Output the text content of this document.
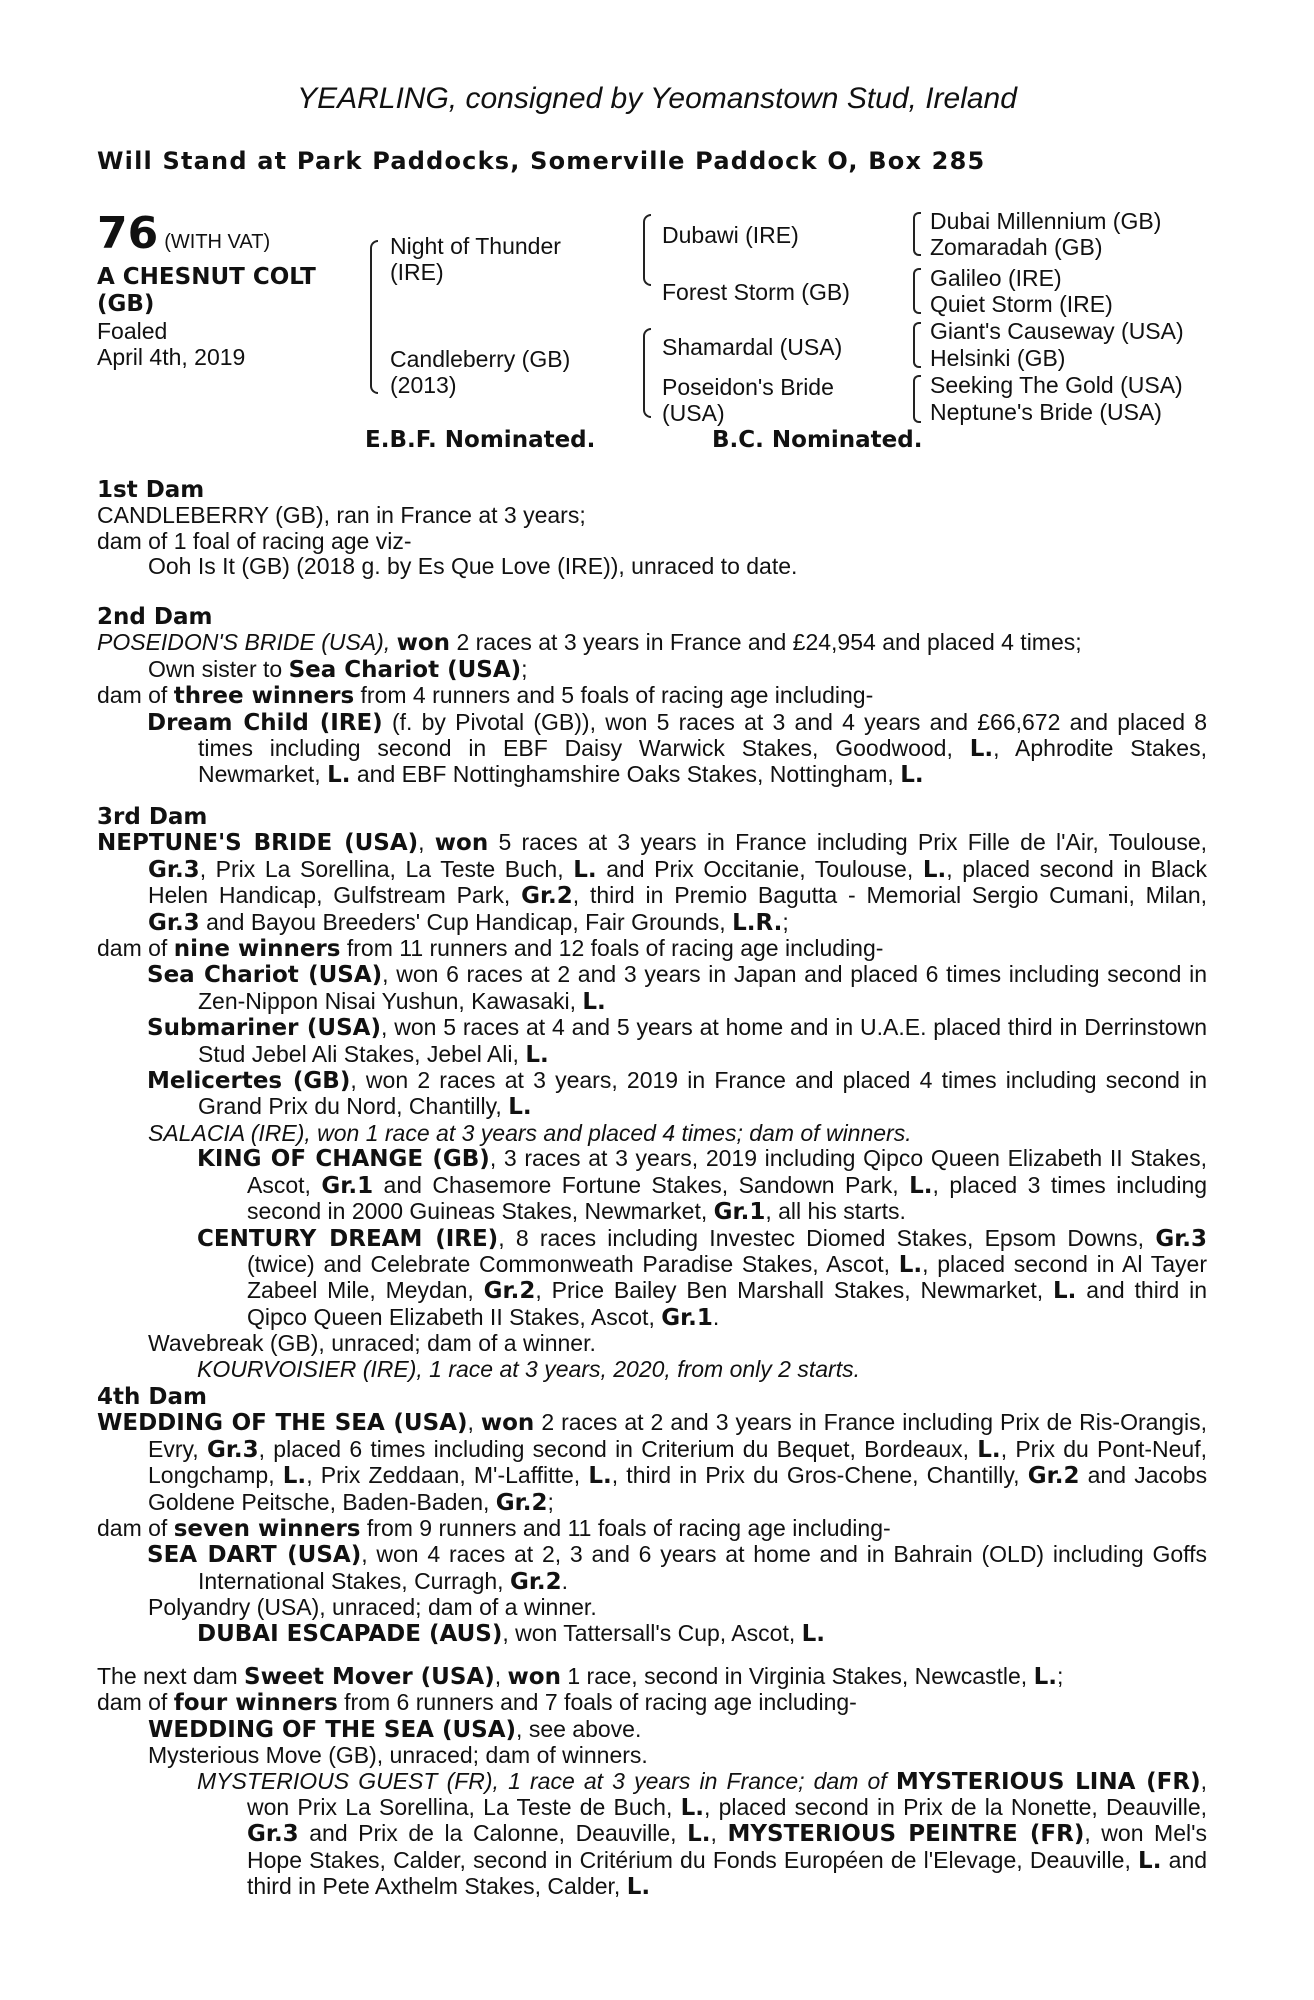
YEARLING, consigned by Yeomanstown Stud, Ireland
Will Stand at Park Paddocks, Somerville Paddock O, Box 285
76 (WITH VAT)
A CHESNUT COLT (GB)
Foaled
April 4th, 2019
Night of Thunder (IRE)
Candleberry (GB) (2013)
Dubawi (IRE)
Forest Storm (GB)
Shamardal (USA)
Poseidon's Bride (USA)
Dubai Millennium (GB)
Zomaradah (GB)
Galileo (IRE)
Quiet Storm (IRE)
Giant's Causeway (USA)
Helsinki (GB)
Seeking The Gold (USA)
Neptune's Bride (USA)
E.B.F. Nominated.	B.C. Nominated.
1st Dam

CANDLEBERRY (GB), ran in France at 3 years;

dam of 1 foal of racing age viz-

Ooh Is It (GB) (2018 g. by Es Que Love (IRE)), unraced to date.

2nd Dam

POSEIDON'S BRIDE (USA), won 2 races at 3 years in France and £24,954 and placed 4 times;

Own sister to Sea Chariot (USA);

dam of three winners from 4 runners and 5 foals of racing age including-

Dream Child (IRE) (f. by Pivotal (GB)), won 5 races at 3 and 4 years and £66,672 and placed 8 times including second in EBF Daisy Warwick Stakes, Goodwood, L., Aphrodite Stakes, Newmarket, L. and EBF Nottinghamshire Oaks Stakes, Nottingham, L.

3rd Dam

NEPTUNE'S BRIDE (USA), won 5 races at 3 years in France including Prix Fille de l'Air, Toulouse, Gr.3, Prix La Sorellina, La Teste Buch, L. and Prix Occitanie, Toulouse, L., placed second in Black Helen Handicap, Gulfstream Park, Gr.2, third in Premio Bagutta - Memorial Sergio Cumani, Milan, Gr.3 and Bayou Breeders' Cup Handicap, Fair Grounds, L.R.;

dam of nine winners from 11 runners and 12 foals of racing age including-

Sea Chariot (USA), won 6 races at 2 and 3 years in Japan and placed 6 times including second in Zen-Nippon Nisai Yushun, Kawasaki, L.

Submariner (USA), won 5 races at 4 and 5 years at home and in U.A.E. placed third in Derrinstown Stud Jebel Ali Stakes, Jebel Ali, L.

Melicertes (GB), won 2 races at 3 years, 2019 in France and placed 4 times including second in Grand Prix du Nord, Chantilly, L.

SALACIA (IRE), won 1 race at 3 years and placed 4 times; dam of winners.

KING OF CHANGE (GB), 3 races at 3 years, 2019 including Qipco Queen Elizabeth II Stakes, Ascot, Gr.1 and Chasemore Fortune Stakes, Sandown Park, L., placed 3 times including second in 2000 Guineas Stakes, Newmarket, Gr.1, all his starts.

CENTURY DREAM (IRE), 8 races including Investec Diomed Stakes, Epsom Downs, Gr.3 (twice) and Celebrate Commonweath Paradise Stakes, Ascot, L., placed second in Al Tayer Zabeel Mile, Meydan, Gr.2, Price Bailey Ben Marshall Stakes, Newmarket, L. and third in Qipco Queen Elizabeth II Stakes, Ascot, Gr.1.

Wavebreak (GB), unraced; dam of a winner.

KOURVOISIER (IRE), 1 race at 3 years, 2020, from only 2 starts.

4th Dam

WEDDING OF THE SEA (USA), won 2 races at 2 and 3 years in France including Prix de Ris-Orangis, Evry, Gr.3, placed 6 times including second in Criterium du Bequet, Bordeaux, L., Prix du Pont-Neuf, Longchamp, L., Prix Zeddaan, M'-Laffitte, L., third in Prix du Gros-Chene, Chantilly, Gr.2 and Jacobs Goldene Peitsche, Baden-Baden, Gr.2;

dam of seven winners from 9 runners and 11 foals of racing age including-

SEA DART (USA), won 4 races at 2, 3 and 6 years at home and in Bahrain (OLD) including Goffs International Stakes, Curragh, Gr.2.

Polyandry (USA), unraced; dam of a winner.

DUBAI ESCAPADE (AUS), won Tattersall's Cup, Ascot, L.

The next dam Sweet Mover (USA), won 1 race, second in Virginia Stakes, Newcastle, L.;

dam of four winners from 6 runners and 7 foals of racing age including-

WEDDING OF THE SEA (USA), see above.

Mysterious Move (GB), unraced; dam of winners.

MYSTERIOUS GUEST (FR), 1 race at 3 years in France; dam of MYSTERIOUS LINA (FR), won Prix La Sorellina, La Teste de Buch, L., placed second in Prix de la Nonette, Deauville, Gr.3 and Prix de la Calonne, Deauville, L., MYSTERIOUS PEINTRE (FR), won Mel's Hope Stakes, Calder, second in Critérium du Fonds Européen de l'Elevage, Deauville, L. and third in Pete Axthelm Stakes, Calder, L.
